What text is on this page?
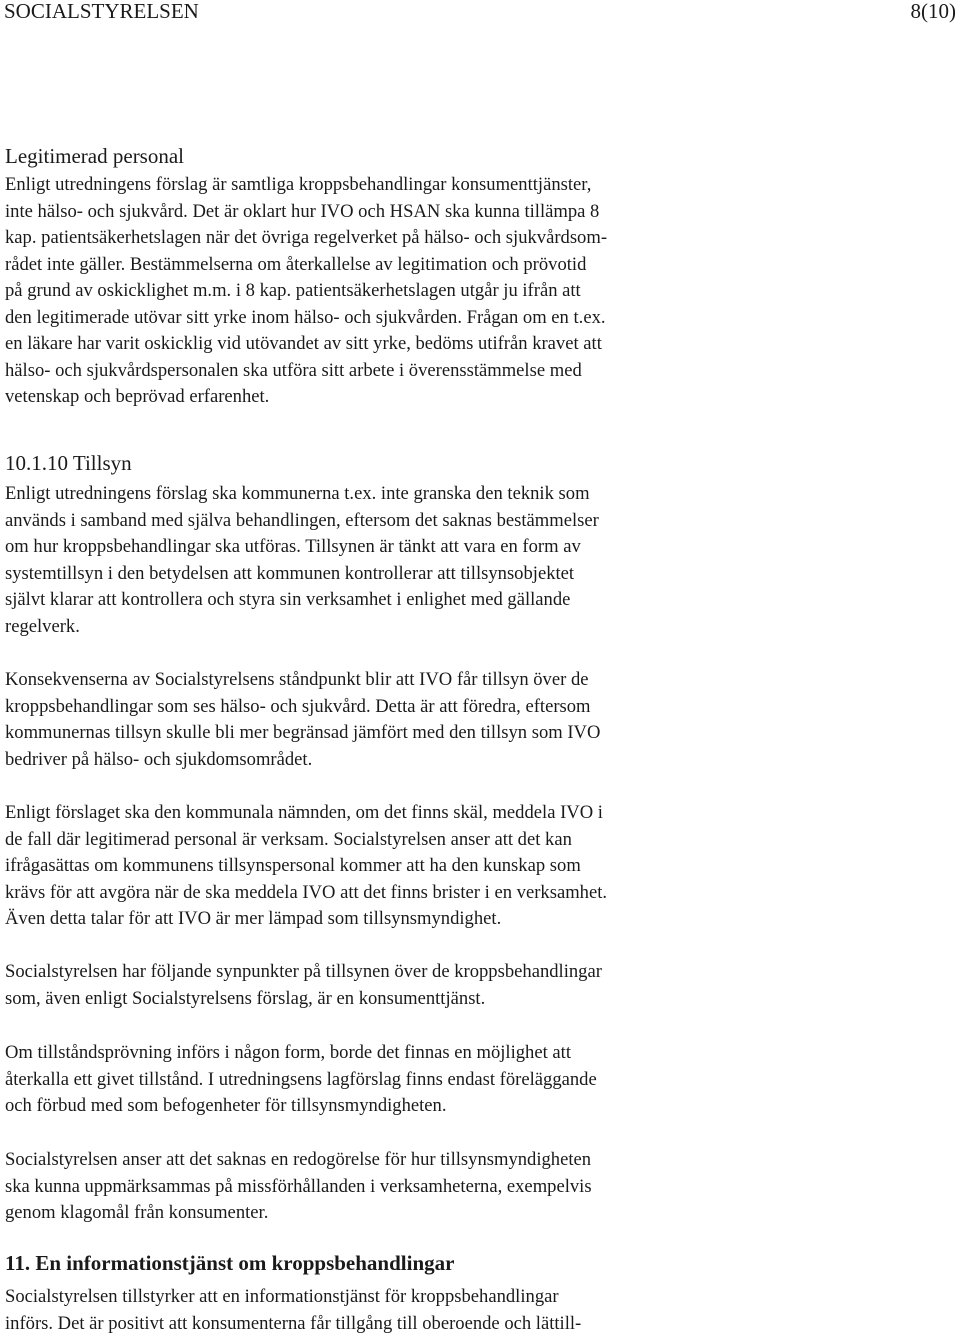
SOCIALSTYRELSEN	8(10)
Legitimerad personal
Enligt utredningens förslag är samtliga kroppsbehandlingar konsumenttjänster,
inte hälso- och sjukvård. Det är oklart hur IVO och HSAN ska kunna tillämpa 8
kap. patientsäkerhetslagen när det övriga regelverket på hälso- och sjukvårdsom-
rådet inte gäller. Bestämmelserna om återkallelse av legitimation och prövotid
på grund av oskicklighet m.m. i 8 kap. patientsäkerhetslagen utgår ju ifrån att
den legitimerade utövar sitt yrke inom hälso- och sjukvården. Frågan om en t.ex.
en läkare har varit oskicklig vid utövandet av sitt yrke, bedöms utifrån kravet att
hälso- och sjukvårdspersonalen ska utföra sitt arbete i överensstämmelse med
vetenskap och beprövad erfarenhet.
10.1.10 Tillsyn
Enligt utredningens förslag ska kommunerna t.ex. inte granska den teknik som
används i samband med själva behandlingen, eftersom det saknas bestämmelser
om hur kroppsbehandlingar ska utföras. Tillsynen är tänkt att vara en form av
systemtillsyn i den betydelsen att kommunen kontrollerar att tillsynsobjektet
självt klarar att kontrollera och styra sin verksamhet i enlighet med gällande
regelverk.
Konsekvenserna av Socialstyrelsens ståndpunkt blir att IVO får tillsyn över de
kroppsbehandlingar som ses hälso- och sjukvård. Detta är att föredra, eftersom
kommunernas tillsyn skulle bli mer begränsad jämfört med den tillsyn som IVO
bedriver på hälso- och sjukdomsområdet.
Enligt förslaget ska den kommunala nämnden, om det finns skäl, meddela IVO i
de fall där legitimerad personal är verksam. Socialstyrelsen anser att det kan
ifrågasättas om kommunens tillsynspersonal kommer att ha den kunskap som
krävs för att avgöra när de ska meddela IVO att det finns brister i en verksamhet.
Även detta talar för att IVO är mer lämpad som tillsynsmyndighet.
Socialstyrelsen har följande synpunkter på tillsynen över de kroppsbehandlingar
som, även enligt Socialstyrelsens förslag, är en konsumenttjänst.
Om tillståndsprövning införs i någon form, borde det finnas en möjlighet att
återkalla ett givet tillstånd. I utredningsens lagförslag finns endast föreläggande
och förbud med som befogenheter för tillsynsmyndigheten.
Socialstyrelsen anser att det saknas en redogörelse för hur tillsynsmyndigheten
ska kunna uppmärksammas på missförhållanden i verksamheterna, exempelvis
genom klagomål från konsumenter.
11. En informationstjänst om kroppsbehandlingar
Socialstyrelsen tillstyrker att en informationstjänst för kroppsbehandlingar
införs. Det är positivt att konsumenterna får tillgång till oberoende och lättill-
